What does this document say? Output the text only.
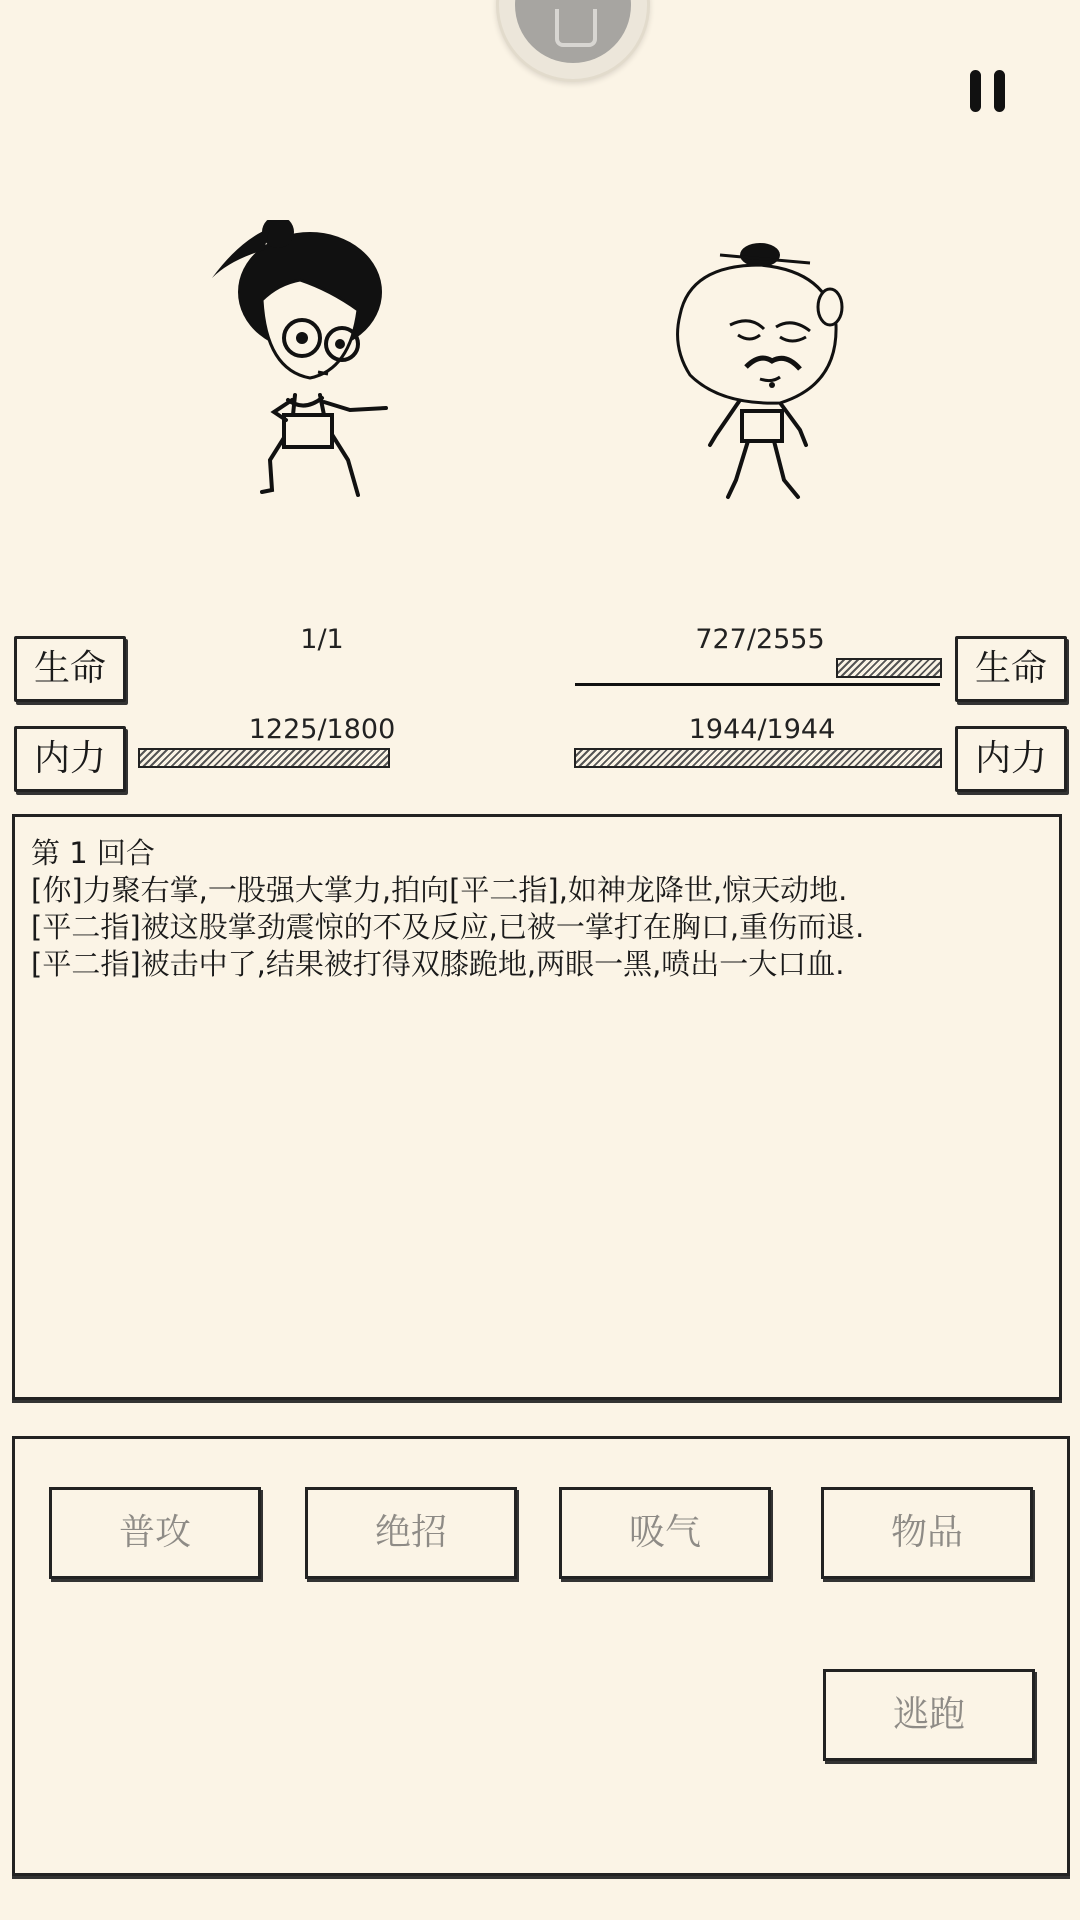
生命
1/1
内力
1225/1800
727/2555
生命
1944/1944
内力
第 1 回合
[你]力聚右掌,一股强大掌力,拍向[平二指],如神龙降世,惊天动地.
[平二指]被这股掌劲震惊的不及反应,已被一掌打在胸口,重伤而退.
[平二指]被击中了,结果被打得双膝跪地,两眼一黑,喷出一大口血.
普攻	绝招	吸气	物品
逃跑
